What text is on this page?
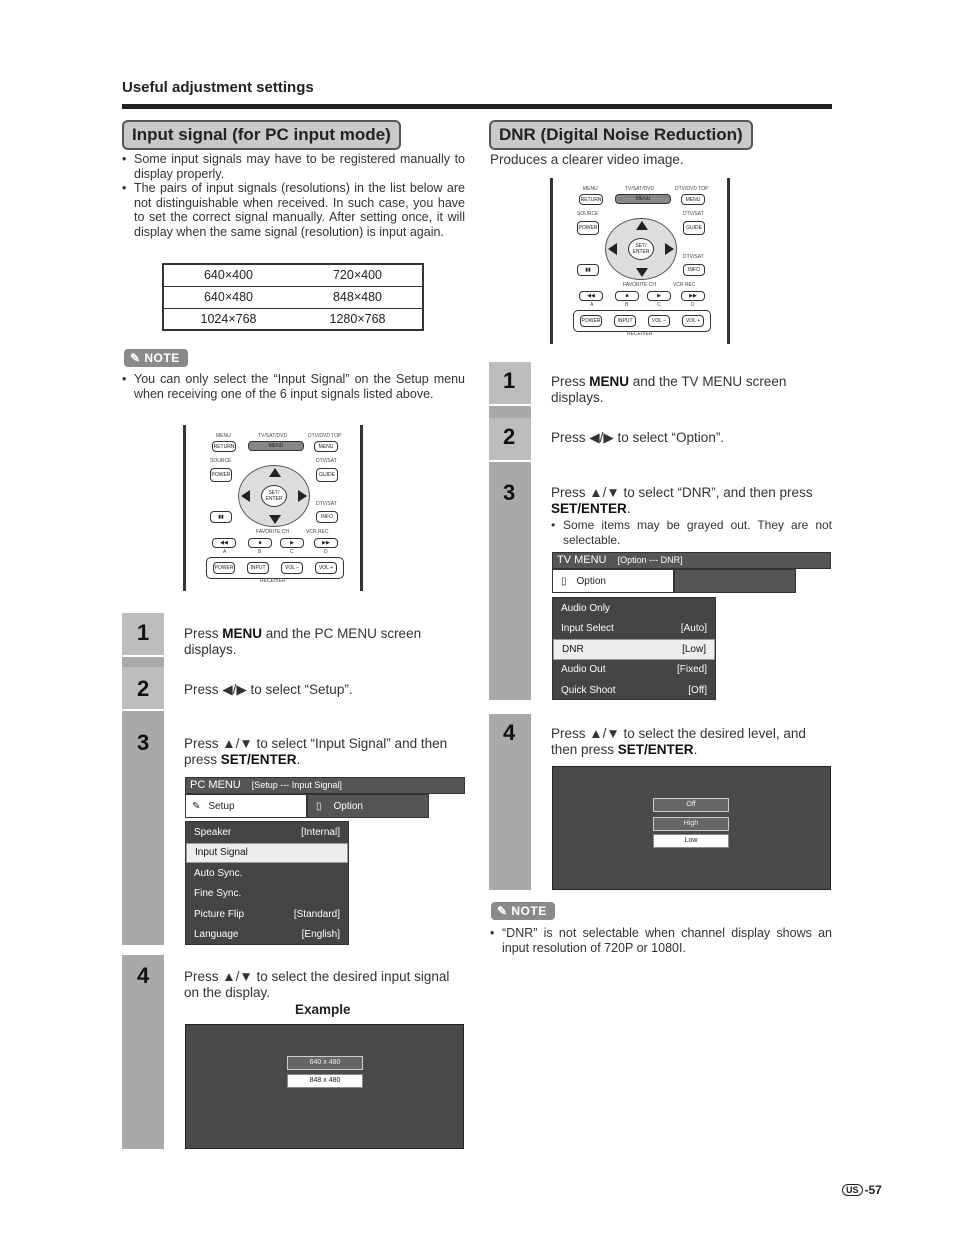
Useful adjustment settings
Input signal (for PC input mode)
• Some input signals may have to be registered manually to display properly.
• The pairs of input signals (resolutions) in the list below are not distinguishable when received. In such case, you have to set the correct signal manually. After setting once, it will display when the same signal (resolution) is input again.
640×400	720×400
640×480	848×480
1024×768	1280×768
✎ NOTE
• You can only select the “Input Signal” on the Setup menu when receiving one of the 6 input signals listed above.
MENU	TV/SAT/DVD	DTV/DVD TOP
RETURN	MENU	MENU
SOURCE	DTV/SAT
POWER	GUIDE
SET/ ENTER
DTV/SAT
▮▮	INFO
FAVORITE CH	VCR REC
◀◀	■	▶	▶▶
A	B	C	D
POWER	INPUT	VOL –	VOL +
RECEIVER
1
2
3
4
Press MENU and the PC MENU screen displays.
Press ◀/▶ to select “Setup”.
Press ▲/▼ to select “Input Signal” and then press SET/ENTER.
PC MENU [Setup --- Input Signal]
✎ Setup	▯ Option
Speaker	[Internal]
Input Signal
Auto Sync.
Fine Sync.
Picture Flip	[Standard]
Language	[English]
Press ▲/▼ to select the desired input signal on the display.
Example
640 x 480
848 x 480
DNR (Digital Noise Reduction)
Produces a clearer video image.
MENU	TV/SAT/DVD	DTV/DVD TOP
RETURN	MENU	MENU
SOURCE	DTV/SAT
POWER	GUIDE
SET/ ENTER
DTV/SAT
▮▮	INFO
FAVORITE CH	VCR REC
◀◀	■	▶	▶▶
A	B	C	D
POWER	INPUT	VOL –	VOL +
RECEIVER
1
2
3
4
Press MENU and the TV MENU screen displays.
Press ◀/▶ to select “Option”.
Press ▲/▼ to select “DNR”, and then press SET/ENTER.
• Some items may be grayed out. They are not selectable.
TV MENU [Option --- DNR]
▯ Option
Audio Only
Input Select	[Auto]
DNR	[Low]
Audio Out	[Fixed]
Quick Shoot	[Off]
Press ▲/▼ to select the desired level, and then press SET/ENTER.
Off
High
Low
✎ NOTE
• “DNR” is not selectable when channel display shows an input resolution of 720P or 1080I.
US -57
